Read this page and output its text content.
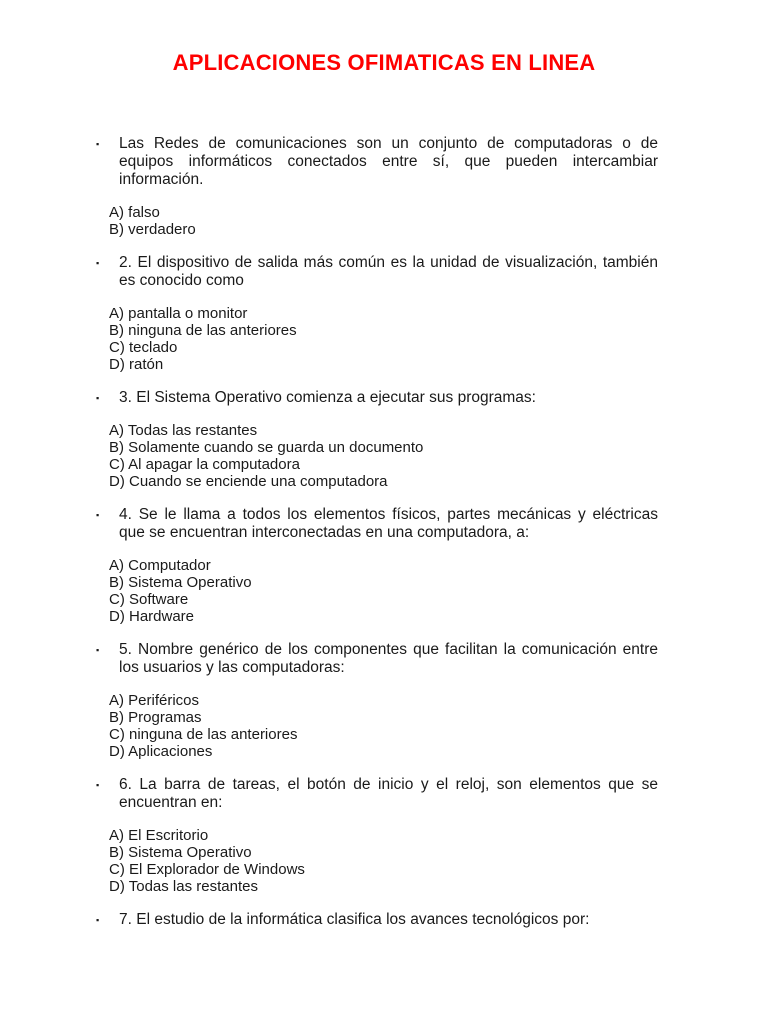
APLICACIONES OFIMATICAS EN LINEA
▪ Las Redes de comunicaciones son un conjunto de computadoras o de equipos informáticos conectados entre sí, que pueden intercambiar información.
A) falso
B) verdadero
▪ 2. El dispositivo de salida más común es la unidad de visualización, también es conocido como
A) pantalla o monitor
B) ninguna de las anteriores
C) teclado
D) ratón
▪ 3. El Sistema Operativo comienza a ejecutar sus programas:
A) Todas las restantes
B) Solamente cuando se guarda un documento
C) Al apagar la computadora
D) Cuando se enciende una computadora
▪ 4. Se le llama a todos los elementos físicos, partes mecánicas y eléctricas que se encuentran interconectadas en una computadora, a:
A) Computador
B) Sistema Operativo
C) Software
D) Hardware
▪ 5. Nombre genérico de los componentes que facilitan la comunicación entre los usuarios y las computadoras:
A) Periféricos
B) Programas
C) ninguna de las anteriores
D) Aplicaciones
▪ 6. La barra de tareas, el botón de inicio y el reloj, son elementos que se encuentran en:
A) El Escritorio
B) Sistema Operativo
C) El Explorador de Windows
D) Todas las restantes
▪ 7. El estudio de la informática clasifica los avances tecnológicos por:
